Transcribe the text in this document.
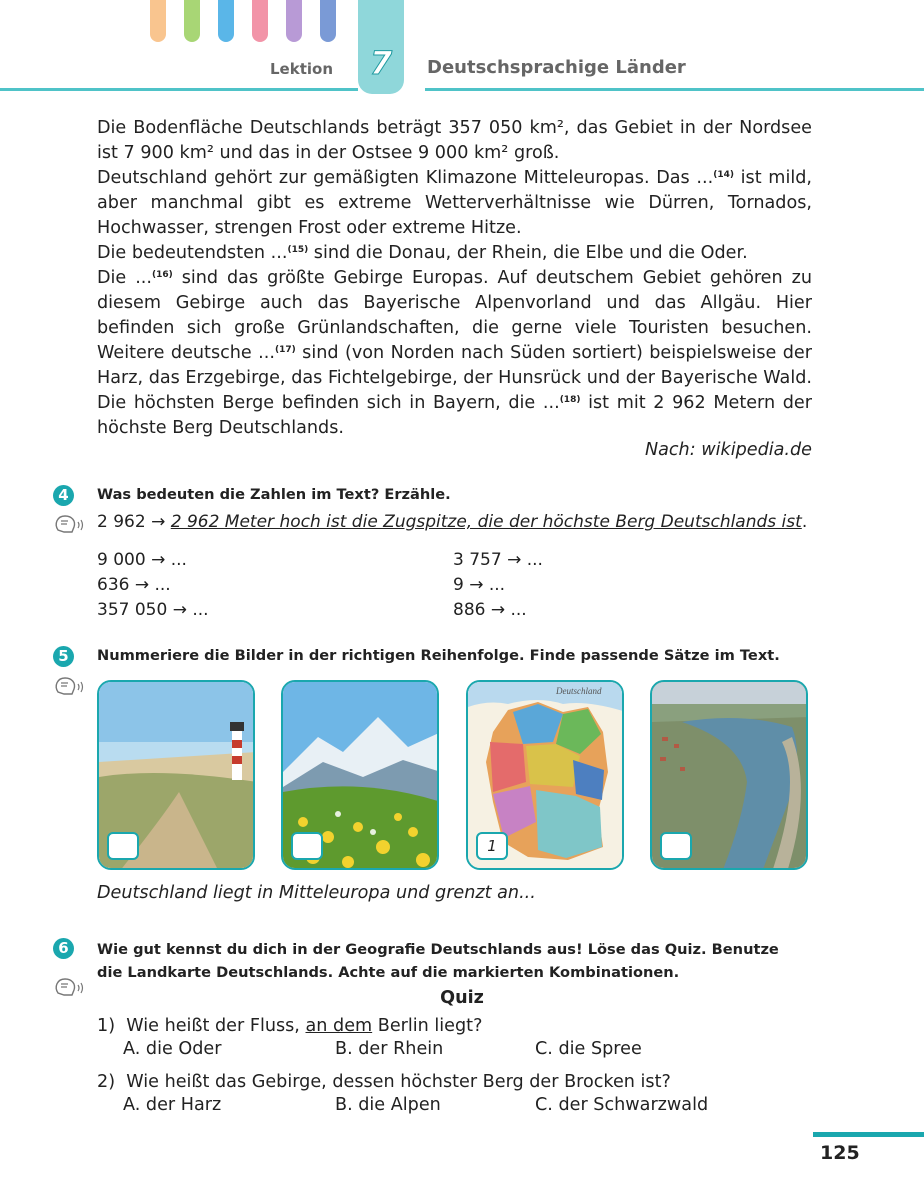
Lektion	7	Deutschsprachige Länder

Die Bodenfläche Deutschlands beträgt 357 050 km², das Gebiet in der Nordsee ist 7 900 km² und das in der Ostsee 9 000 km² groß.

Deutschland gehört zur gemäßigten Klimazone Mitteleuropas. Das ...$^{(14)}$ ist mild, aber manchmal gibt es extreme Wetterverhältnisse wie Dürren, Tornados, Hochwasser, strengen Frost oder extreme Hitze.

Die bedeutendsten ...$^{(15)}$ sind die Donau, der Rhein, die Elbe und die Oder.

Die ...$^{(16)}$ sind das größte Gebirge Europas. Auf deutschem Gebiet gehören zu diesem Gebirge auch das Bayerische Alpenvorland und das Allgäu. Hier befinden sich große Grünlandschaften, die gerne viele Touristen besuchen. Weitere deutsche ...$^{(17)}$ sind (von Norden nach Süden sortiert) beispielsweise der Harz, das Erzgebirge, das Fichtelgebirge, der Hunsrück und der Bayerische Wald. Die höchsten Berge befinden sich in Bayern, die ...$^{(18)}$ ist mit 2 962 Metern der höchste Berg Deutschlands.

Nach: wikipedia.de
4	Was bedeuten die Zahlen im Text? Erzähle.
2 962 → 2 962 Meter hoch ist die Zugspitze, die der höchste Berg Deutschlands ist.
9 000 → ...	3 757 → ...
636 → ...	9 → ...
357 050 → ...	886 → ...
5	Nummeriere die Bilder in der richtigen Reihenfolge. Finde passende Sätze im Text.
Deutschland
1
Deutschland liegt in Mitteleuropa und grenzt an...
6	Wie gut kennst du dich in der Geografie Deutschlands aus! Löse das Quiz. Benutze
die Landkarte Deutschlands. Achte auf die markierten Kombinationen.
Quiz
1) Wie heißt der Fluss, an dem Berlin liegt?
A. die Oder	B. der Rhein	C. die Spree
2) Wie heißt das Gebirge, dessen höchster Berg der Brocken ist?
A. der Harz	B. die Alpen	C. der Schwarzwald
125
